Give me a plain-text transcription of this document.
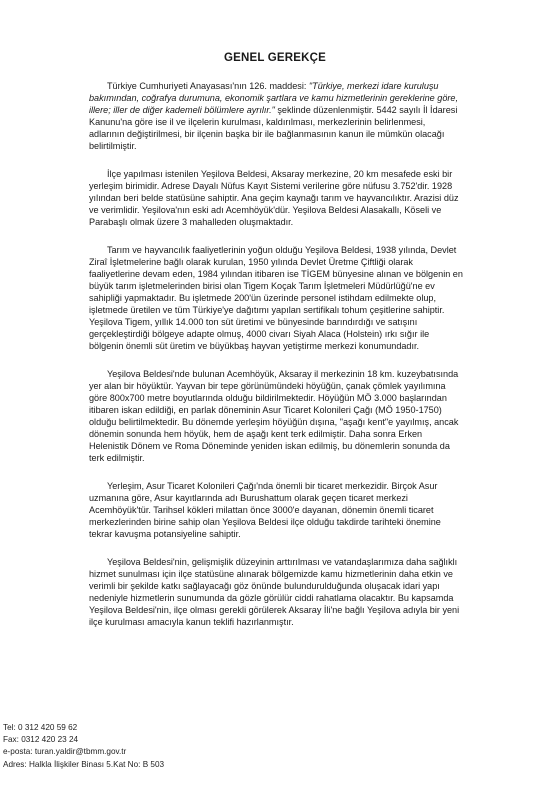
GENEL GEREKÇE

Türkiye Cumhuriyeti Anayasası'nın 126. maddesi: "Türkiye, merkezi idare kuruluşu bakımından, coğrafya durumuna, ekonomik şartlara ve kamu hizmetlerinin gereklerine göre, illere; iller de diğer kademeli bölümlere ayrılır." şeklinde düzenlenmiştir. 5442 sayılı İl İdaresi Kanunu'na göre ise il ve ilçelerin kurulması, kaldırılması, merkezlerinin belirlenmesi, adlarının değiştirilmesi, bir ilçenin başka bir ile bağlanmasının kanun ile mümkün olacağı belirtilmiştir.

İlçe yapılması istenilen Yeşilova Beldesi, Aksaray merkezine, 20 km mesafede eski bir yerleşim birimidir. Adrese Dayalı Nüfus Kayıt Sistemi verilerine göre nüfusu 3.752'dir. 1928 yılından beri belde statüsüne sahiptir. Ana geçim kaynağı tarım ve hayvancılıktır. Arazisi düz ve verimlidir. Yeşilova'nın eski adı Acemhöyük'dür. Yeşilova Beldesi Alasakallı, Köseli ve Parabaşlı olmak üzere 3 mahalleden oluşmaktadır.

Tarım ve hayvancılık faaliyetlerinin yoğun olduğu Yeşilova Beldesi, 1938 yılında, Devlet Ziraî İşletmelerine bağlı olarak kurulan, 1950 yılında Devlet Üretme Çiftliği olarak faaliyetlerine devam eden, 1984 yılından itibaren ise TİGEM bünyesine alınan ve bölgenin en büyük tarım işletmelerinden birisi olan Tigem Koçak Tarım İşletmeleri Müdürlüğü'ne ev sahipliği yapmaktadır. Bu işletmede 200'ün üzerinde personel istihdam edilmekte olup, işletmede üretilen ve tüm Türkiye'ye dağıtımı yapılan sertifikalı tohum çeşitlerine sahiptir. Yeşilova Tigem, yıllık 14.000 ton süt üretimi ve bünyesinde barındırdığı ve satışını gerçekleştirdiği bölgeye adapte olmuş, 4000 civarı Siyah Alaca (Holstein) ırkı sığır ile bölgenin önemli süt üretim ve büyükbaş hayvan yetiştirme merkezi konumundadır.

Yeşilova Beldesi'nde bulunan Acemhöyük, Aksaray il merkezinin 18 km. kuzeybatısında yer alan bir höyüktür. Yayvan bir tepe görünümündeki höyüğün, çanak çömlek yayılımına göre 800x700 metre boyutlarında olduğu bildirilmektedir. Höyüğün MÖ 3.000 başlarından itibaren iskan edildiği, en parlak döneminin Asur Ticaret Kolonileri Çağı (MÖ 1950-1750) olduğu belirtilmektedir. Bu dönemde yerleşim höyüğün dışına, "aşağı kent"e yayılmış, ancak dönemin sonunda hem höyük, hem de aşağı kent terk edilmiştir. Daha sonra Erken Helenistik Dönem ve Roma Döneminde yeniden iskan edilmiş, bu dönemlerin sonunda da terk edilmiştir.

Yerleşim, Asur Ticaret Kolonileri Çağı'nda önemli bir ticaret merkezidir. Birçok Asur uzmanına göre, Asur kayıtlarında adı Burushattum olarak geçen ticaret merkezi Acemhöyük'tür. Tarihsel kökleri milattan önce 3000'e dayanan, dönemin önemli ticaret merkezlerinden birine sahip olan Yeşilova Beldesi ilçe olduğu takdirde tarihteki önemine tekrar kavuşma potansiyeline sahiptir.

Yeşilova Beldesi'nin, gelişmişlik düzeyinin arttırılması ve vatandaşlarımıza daha sağlıklı hizmet sunulması için ilçe statüsüne alınarak bölgemizde kamu hizmetlerinin daha etkin ve verimli bir şekilde katkı sağlayacağı göz önünde bulundurulduğunda oluşacak idari yapı nedeniyle hizmetlerin sunumunda da gözle görülür ciddi rahatlama olacaktır. Bu kapsamda Yeşilova Beldesi'nin, ilçe olması gerekli görülerek Aksaray İli'ne bağlı Yeşilova adıyla bir yeni ilçe kurulması amacıyla kanun teklifi hazırlanmıştır.

Tel: 0 312 420 59 62
Fax: 0312 420 23 24
e-posta: turan.yaldir@tbmm.gov.tr
Adres: Halkla İlişkiler Binası 5.Kat No: B 503
